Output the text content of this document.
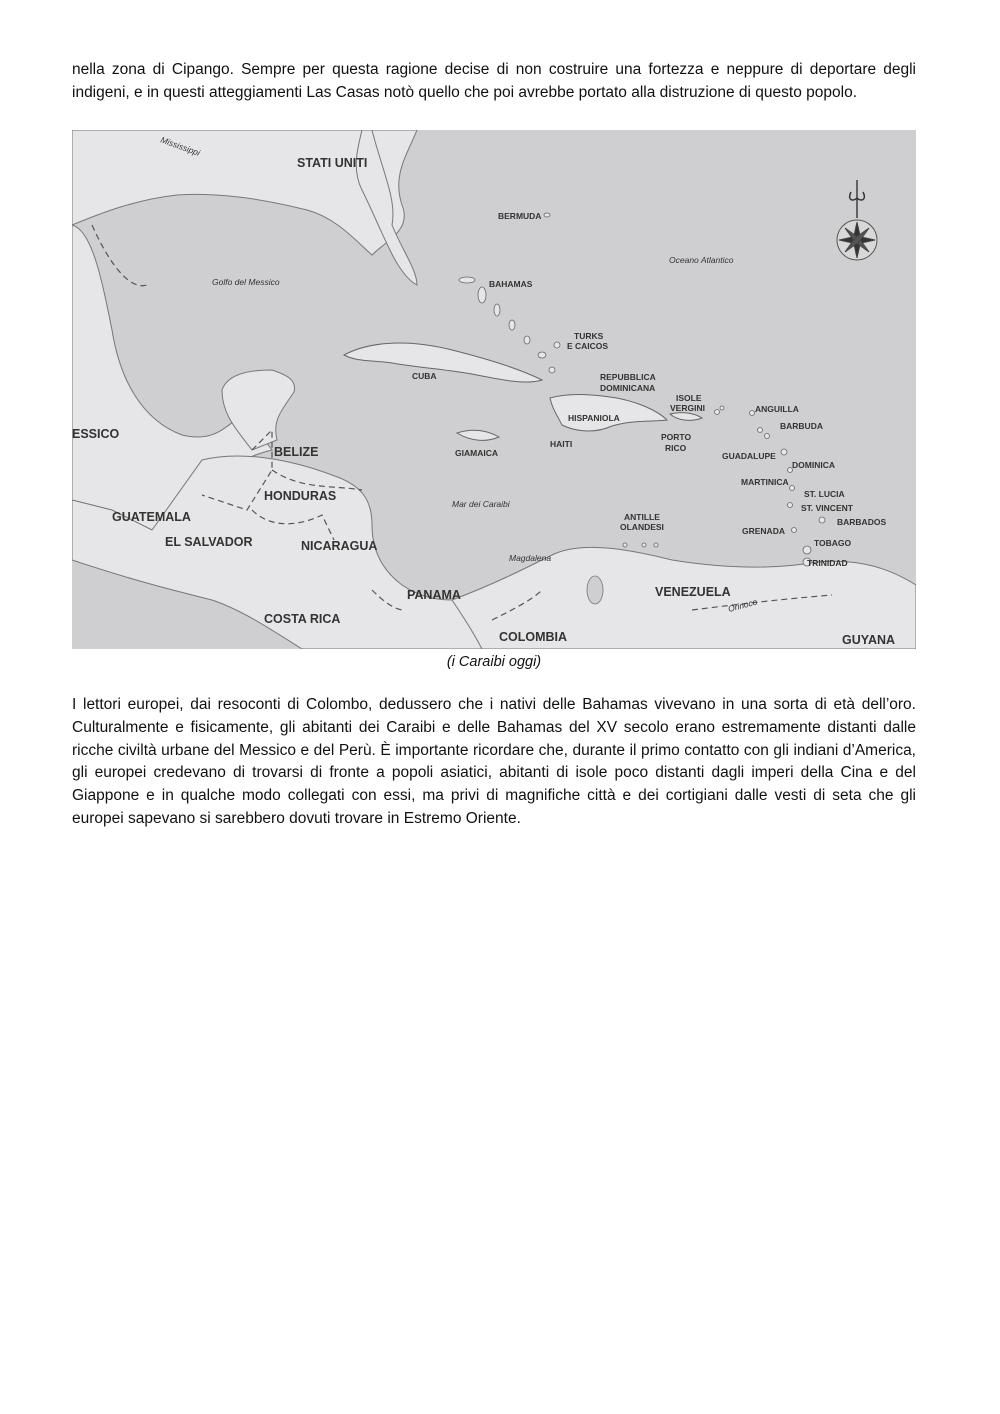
nella zona di Cipango. Sempre per questa ragione decise di non costruire una fortezza e neppure di deportare degli indigeni, e in questi atteggiamenti Las Casas notò quello che poi avrebbe portato alla distruzione di questo popolo.

STATI UNITI
ESSICO
BELIZE
HONDURAS
GUATEMALA
EL SALVADOR	NICARAGUA
COSTA RICA
PANAMA
COLOMBIA
VENEZUELA
GUYANA
Golfo del Messico
Oceano Atlantico
Mar dei Caraibi
Mississippi
Magdalena
Orinoco
BERMUDA
BAHAMAS
TURKS
E CAICOS
CUBA	REPUBBLICA
DOMINICANA
HISPANIOLA
HAITI
GIAMAICA
ISOLE
VERGINI
PORTO
RICO
ANGUILLA
BARBUDA
GUADALUPE
DOMINICA
MARTINICA
ST. LUCIA
ST. VINCENT
BARBADOS
GRENADA
TOBAGO
TRINIDAD
ANTILLE
OLANDESI
(i Caraibi oggi)

I lettori europei, dai resoconti di Colombo, dedussero che i nativi delle Bahamas vivevano in una sorta di età dell’oro. Culturalmente e fisicamente, gli abitanti dei Caraibi e delle Bahamas del XV secolo erano estremamente distanti dalle ricche civiltà urbane del Messico e del Perù. È importante ricordare che, durante il primo contatto con gli indiani d’America, gli europei credevano di trovarsi di fronte a popoli asiatici, abitanti di isole poco distanti dagli imperi della Cina e del Giappone e in qualche modo collegati con essi, ma privi di magnifiche città e dei cortigiani dalle vesti di seta che gli europei sapevano si sarebbero dovuti trovare in Estremo Oriente.
